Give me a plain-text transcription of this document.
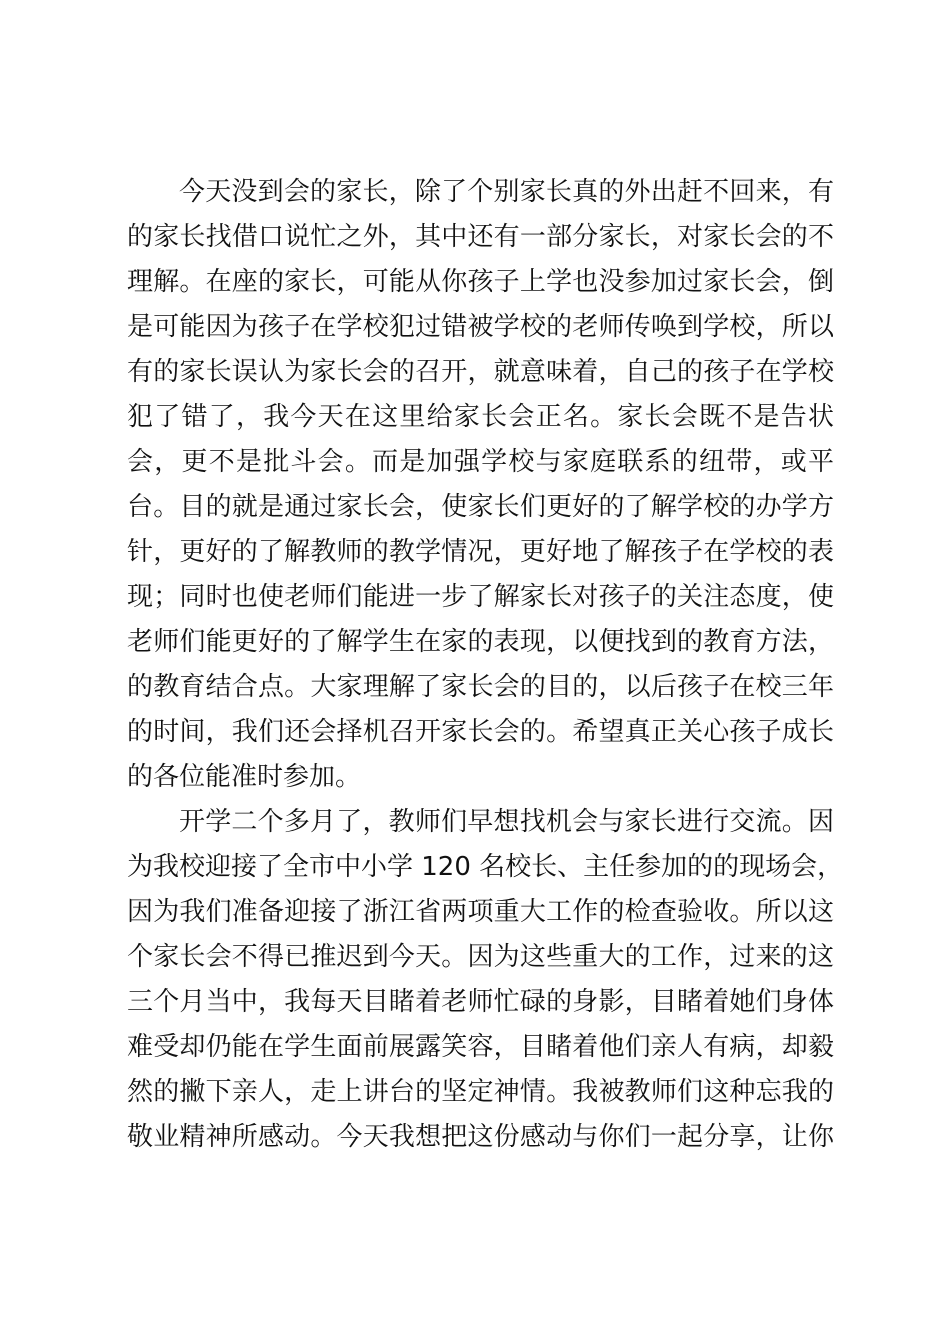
今天没到会的家长，除了个别家长真的外出赶不回来，有
的家长找借口说忙之外，其中还有一部分家长，对家长会的不
理解。在座的家长，可能从你孩子上学也没参加过家长会，倒
是可能因为孩子在学校犯过错被学校的老师传唤到学校，所以
有的家长误认为家长会的召开，就意味着，自己的孩子在学校
犯了错了，我今天在这里给家长会正名。家长会既不是告状
会，更不是批斗会。而是加强学校与家庭联系的纽带，或平
台。目的就是通过家长会，使家长们更好的了解学校的办学方
针，更好的了解教师的教学情况，更好地了解孩子在学校的表
现；同时也使老师们能进一步了解家长对孩子的关注态度，使
老师们能更好的了解学生在家的表现，以便找到的教育方法，
的教育结合点。大家理解了家长会的目的，以后孩子在校三年
的时间，我们还会择机召开家长会的。希望真正关心孩子成长
的各位能准时参加。
开学二个多月了，教师们早想找机会与家长进行交流。因
为我校迎接了全市中小学 120 名校长、主任参加的的现场会，
因为我们准备迎接了浙江省两项重大工作的检查验收。所以这
个家长会不得已推迟到今天。因为这些重大的工作，过来的这
三个月当中，我每天目睹着老师忙碌的身影，目睹着她们身体
难受却仍能在学生面前展露笑容，目睹着他们亲人有病，却毅
然的撇下亲人，走上讲台的坚定神情。我被教师们这种忘我的
敬业精神所感动。今天我想把这份感动与你们一起分享，让你
